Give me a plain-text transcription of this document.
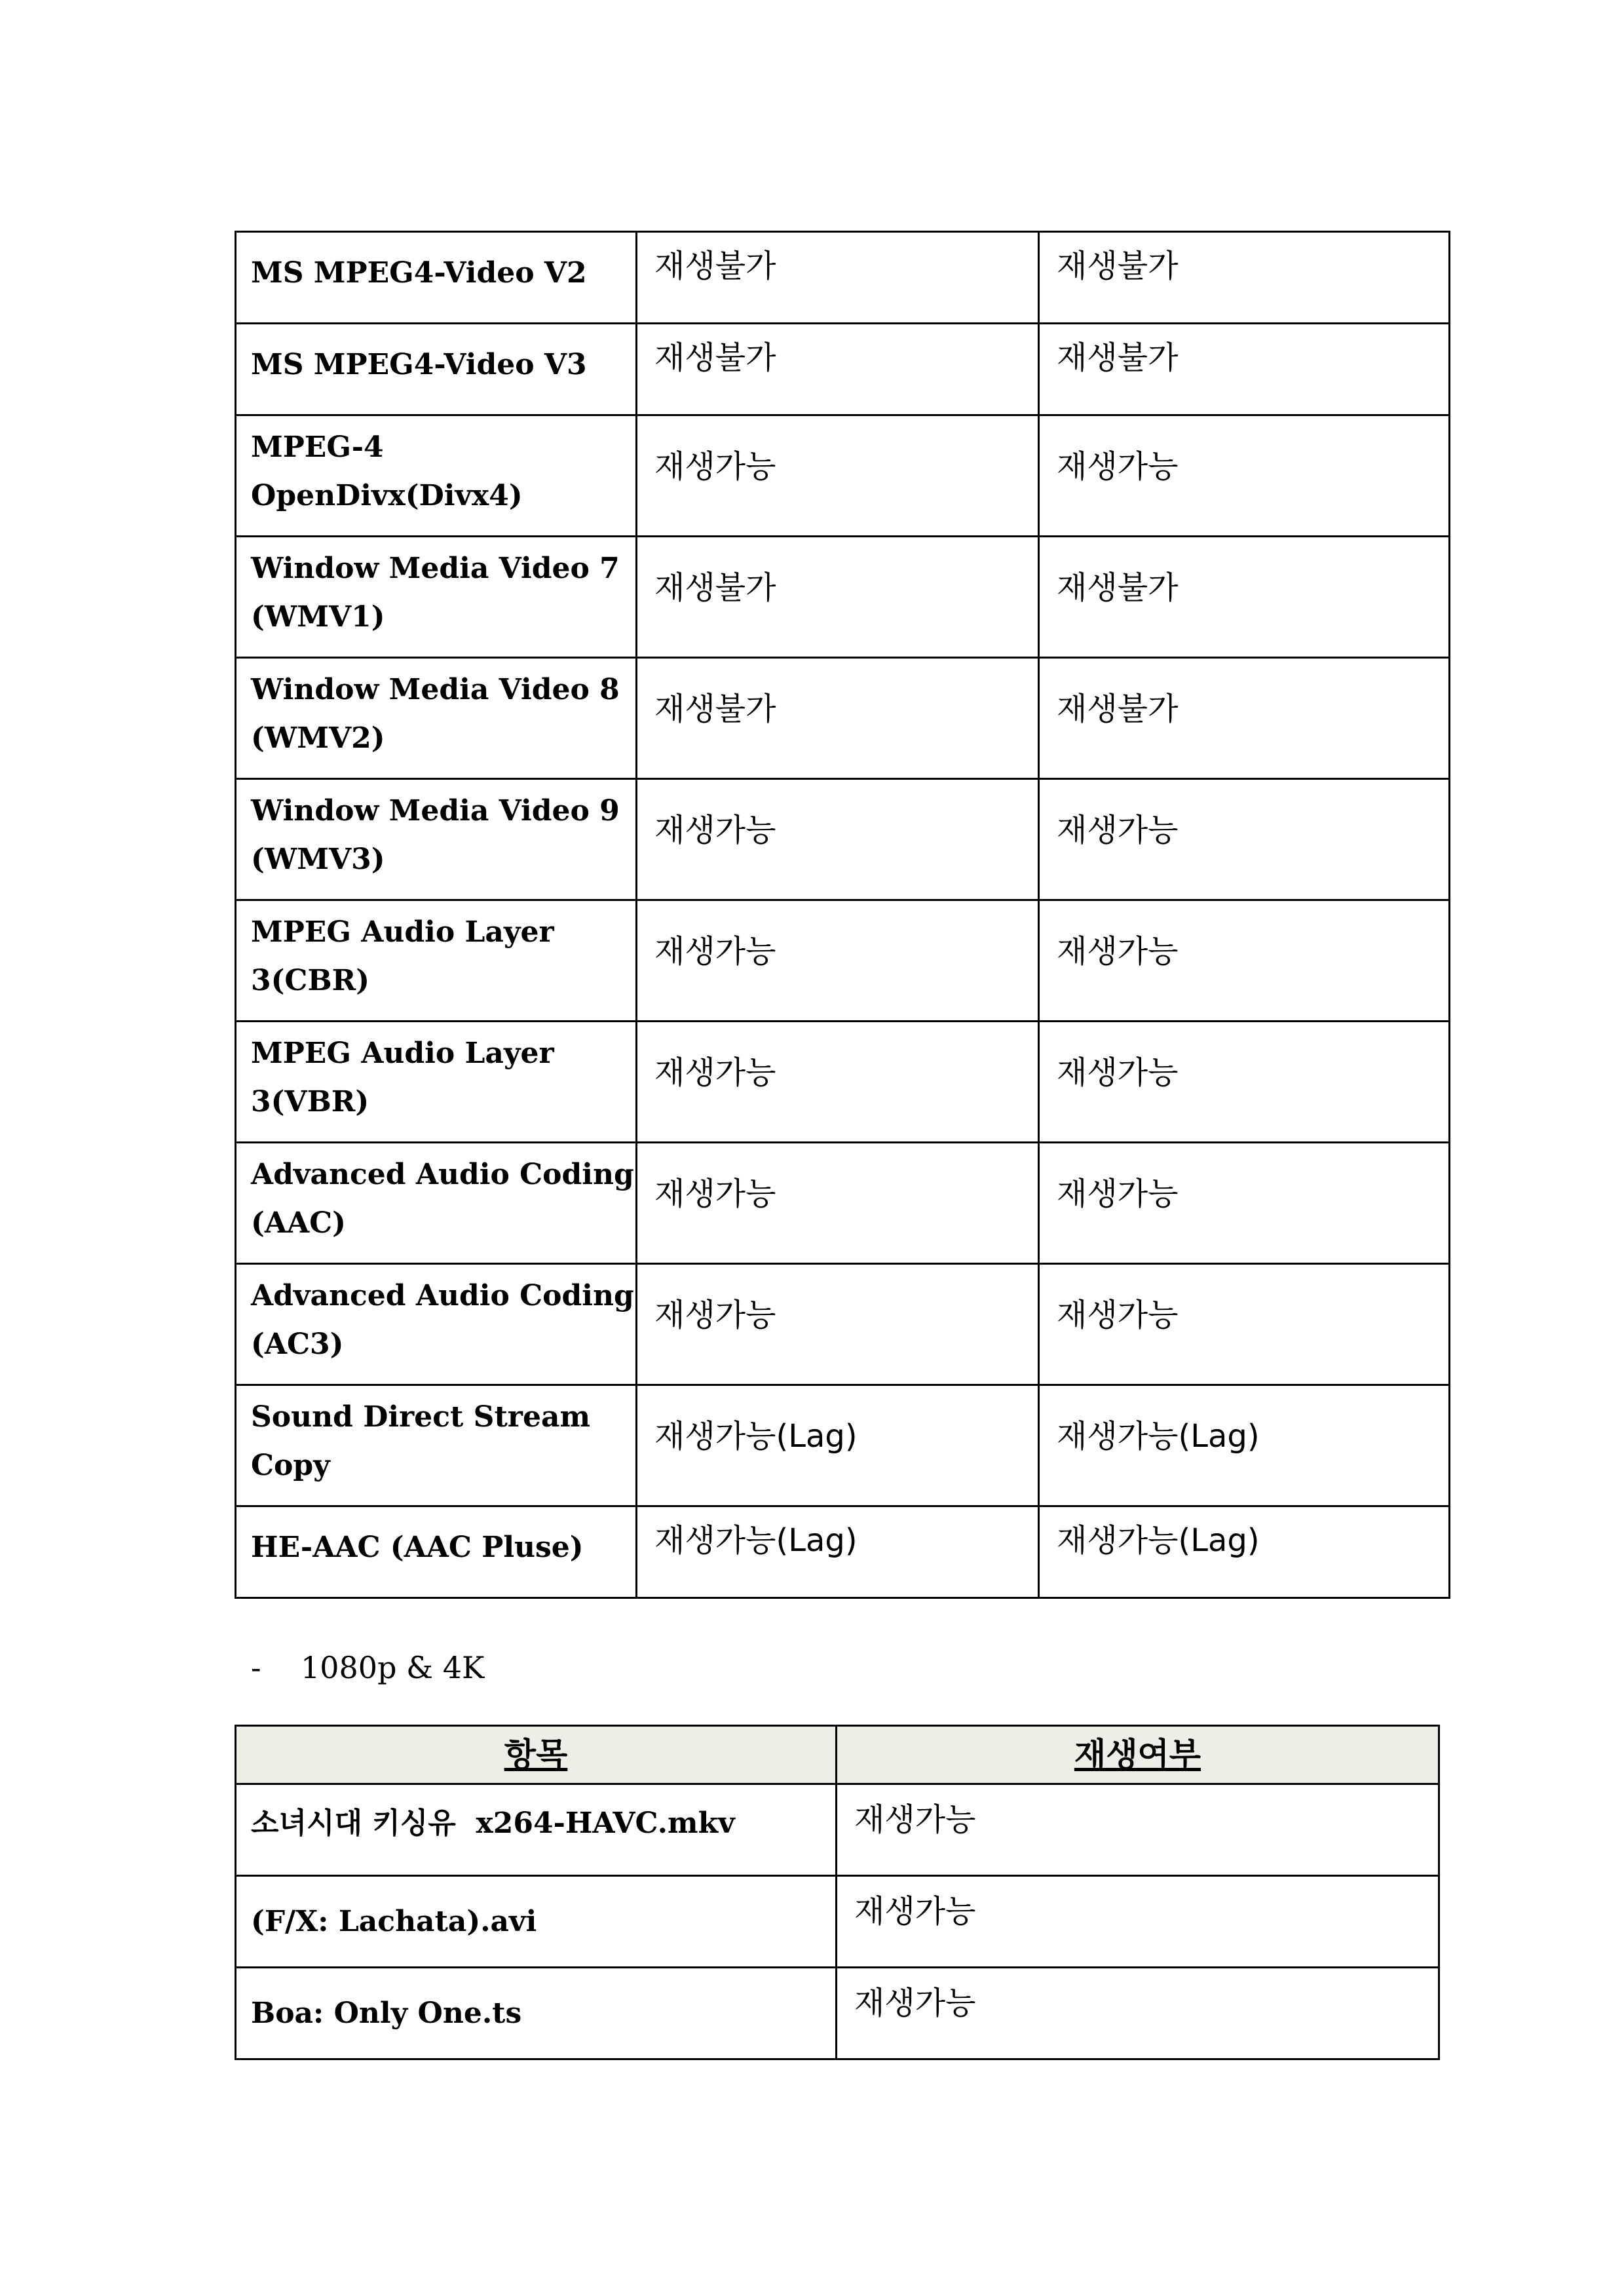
MS MPEG4-Video V2	재생불가	재생불가
MS MPEG4-Video V3	재생불가	재생불가

MPEG-4
OpenDivx(Divx4)	재생가능	재생가능

Window Media Video 7
(WMV1)	재생불가	재생불가

Window Media Video 8
(WMV2)	재생불가	재생불가

Window Media Video 9
(WMV3)	재생가능	재생가능

MPEG Audio Layer
3(CBR)	재생가능	재생가능

MPEG Audio Layer
3(VBR)	재생가능	재생가능

Advanced Audio Coding
(AAC)	재생가능	재생가능

Advanced Audio Coding
(AC3)	재생가능	재생가능

Sound Direct Stream
Copy	재생가능(Lag)	재생가능(Lag)
HE-AAC (AAC Pluse)	재생가능(Lag)	재생가능(Lag)
- 1080p & 4K
항목	재생여부
소녀시대 키싱유 x264-HAVC.mkv	재생가능
(F/X: Lachata).avi	재생가능
Boa: Only One.ts	재생가능
